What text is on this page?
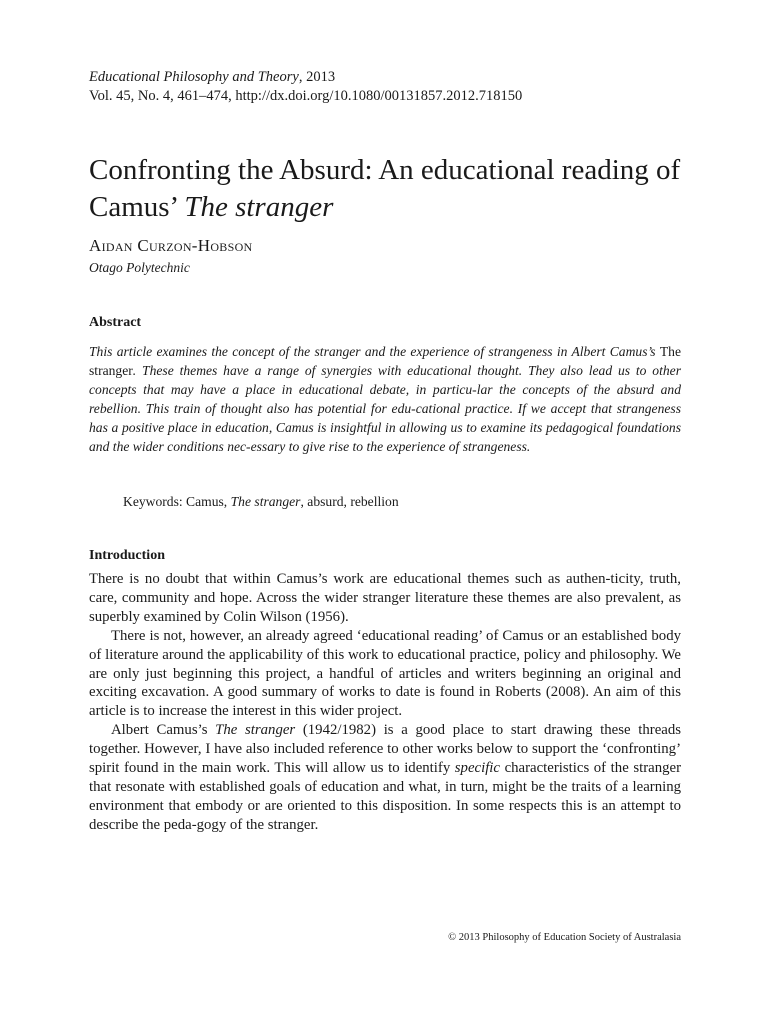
Educational Philosophy and Theory, 2013
Vol. 45, No. 4, 461–474, http://dx.doi.org/10.1080/00131857.2012.718150
Confronting the Absurd: An educational reading of Camus’ The stranger
Aidan Curzon-Hobson
Otago Polytechnic
Abstract
This article examines the concept of the stranger and the experience of strangeness in Albert Camus’s The stranger. These themes have a range of synergies with educational thought. They also lead us to other concepts that may have a place in educational debate, in particu-lar the concepts of the absurd and rebellion. This train of thought also has potential for edu-cational practice. If we accept that strangeness has a positive place in education, Camus is insightful in allowing us to examine its pedagogical foundations and the wider conditions nec-essary to give rise to the experience of strangeness.
Keywords: Camus, The stranger, absurd, rebellion
Introduction

There is no doubt that within Camus’s work are educational themes such as authen-ticity, truth, care, community and hope. Across the wider stranger literature these themes are also prevalent, as superbly examined by Colin Wilson (1956).

There is not, however, an already agreed ‘educational reading’ of Camus or an established body of literature around the applicability of this work to educational practice, policy and philosophy. We are only just beginning this project, a handful of articles and writers beginning an original and exciting excavation. A good summary of works to date is found in Roberts (2008). An aim of this article is to increase the interest in this wider project.

Albert Camus’s The stranger (1942/1982) is a good place to start drawing these threads together. However, I have also included reference to other works below to support the ‘confronting’ spirit found in the main work. This will allow us to identify specific characteristics of the stranger that resonate with established goals of education and what, in turn, might be the traits of a learning environment that embody or are oriented to this disposition. In some respects this is an attempt to describe the peda-gogy of the stranger.

© 2013 Philosophy of Education Society of Australasia
